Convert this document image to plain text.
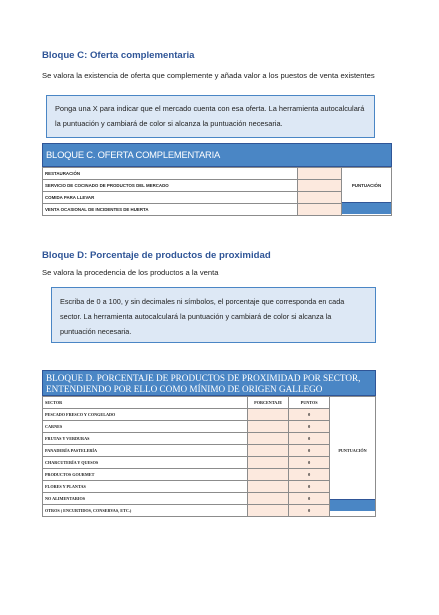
Bloque C: Oferta complementaria
Se valora la existencia de oferta que complemente y añada valor a los puestos de venta existentes
Ponga una X para indicar que el mercado cuenta con esa oferta. La herramienta autocalculará la puntuación y cambiará de color si alcanza la puntuación necesaria.
BLOQUE C. OFERTA COMPLEMENTARIA
RESTAURACIÓN		PUNTUACIÓN

SERVICIO DE COCINADO DE PRODUCTOS DEL MERCADO		
COMIDA PARA LLEVAR		
VENTA OCASIONAL DE INCIDENTES DE HUERTA		
Bloque D: Porcentaje de productos de proximidad
Se valora la procedencia de los productos a la venta
Escriba de 0 a 100, y sin decimales ni símbolos, el porcentaje que corresponda en cada sector. La herramienta autocalculará la puntuación y cambiará de color si alcanza la puntuación necesaria.
BLOQUE D. PORCENTAJE DE PRODUCTOS DE PROXIMIDAD POR SECTOR, ENTENDIENDO POR ELLO COMO MÍNIMO DE ORIGEN GALLEGO
SECTOR	PORCENTAJE	PUNTOS	PUNTUACIÓN

PESCADO FRESCO Y CONGELADO		0	
CARNES		0	
FRUTAS Y VERDURAS		0	
PANADERÍA PASTELERÍA		0	
CHARCUTERÍA Y QUESOS		0	
PRODUCTOS GOURMET		0	
FLORES Y PLANTAS		0	
NO ALIMENTARIOS		0	
OTROS ( ENCURTIDOS, CONSERVAS, ETC.)		0	
